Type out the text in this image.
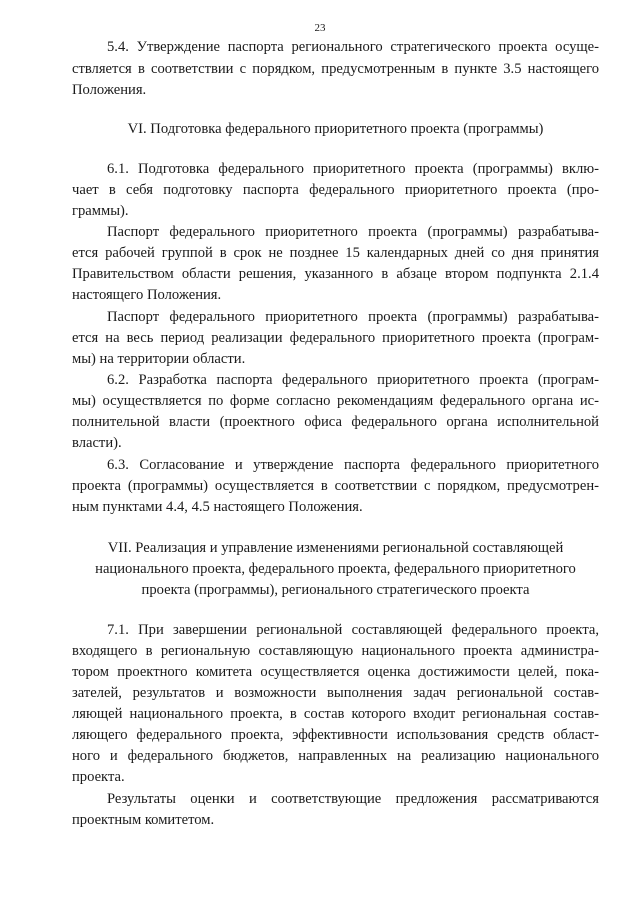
23
5.4. Утверждение паспорта регионального стратегического проекта осуще-
ствляется в соответствии с порядком, предусмотренным в пункте 3.5 настоящего
Положения.
VI. Подготовка федерального приоритетного проекта (программы)
6.1. Подготовка федерального приоритетного проекта (программы) вклю-
чает в себя подготовку паспорта федерального приоритетного проекта (про-
граммы).
Паспорт федерального приоритетного проекта (программы) разрабатыва-
ется рабочей группой в срок не позднее 15 календарных дней со дня принятия
Правительством области решения, указанного в абзаце втором подпункта 2.1.4
настоящего Положения.
Паспорт федерального приоритетного проекта (программы) разрабатыва-
ется на весь период реализации федерального приоритетного проекта (програм-
мы) на территории области.
6.2. Разработка паспорта федерального приоритетного проекта (програм-
мы) осуществляется по форме согласно рекомендациям федерального органа ис-
полнительной власти (проектного офиса федерального органа исполнительной
власти).
6.3. Согласование и утверждение паспорта федерального приоритетного
проекта (программы) осуществляется в соответствии с порядком, предусмотрен-
ным пунктами 4.4, 4.5 настоящего Положения.
VII. Реализация и управление изменениями региональной составляющей
национального проекта, федерального проекта, федерального приоритетного
проекта (программы), регионального стратегического проекта
7.1. При завершении региональной составляющей федерального проекта,
входящего в региональную составляющую национального проекта администра-
тором проектного комитета осуществляется оценка достижимости целей, пока-
зателей, результатов и возможности выполнения задач региональной состав-
ляющей национального проекта, в состав которого входит региональная состав-
ляющего федерального проекта, эффективности использования средств област-
ного и федерального бюджетов, направленных на реализацию национального
проекта.
Результаты оценки и соответствующие предложения рассматриваются
проектным комитетом.
